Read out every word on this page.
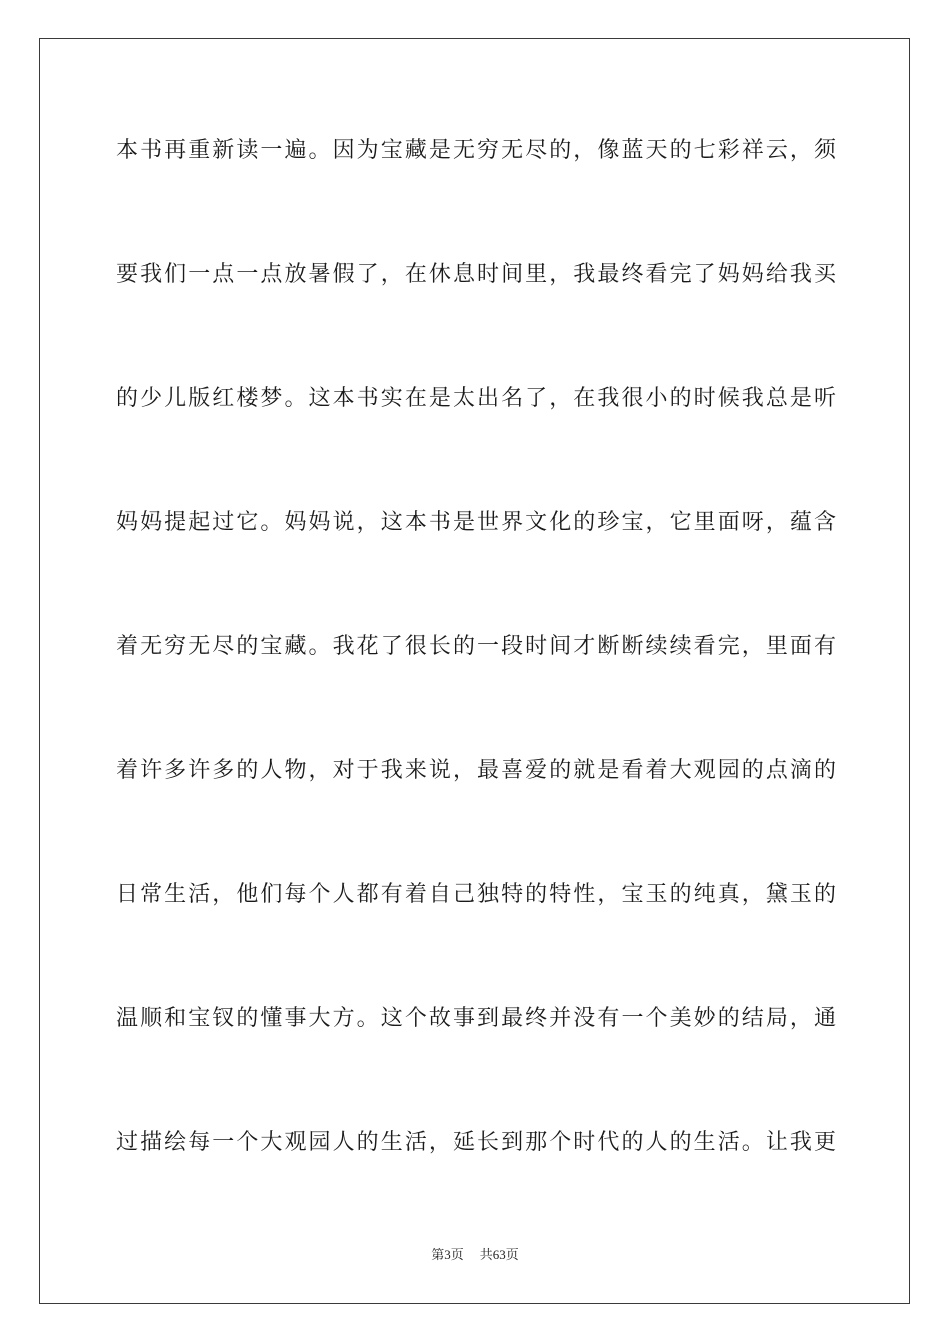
本书再重新读一遍。因为宝藏是无穷无尽的，像蓝天的七彩祥云，须
要我们一点一点放暑假了，在休息时间里，我最终看完了妈妈给我买
的少儿版红楼梦。这本书实在是太出名了，在我很小的时候我总是听
妈妈提起过它。妈妈说，这本书是世界文化的珍宝，它里面呀，蕴含
着无穷无尽的宝藏。我花了很长的一段时间才断断续续看完，里面有
着许多许多的人物，对于我来说，最喜爱的就是看着大观园的点滴的
日常生活，他们每个人都有着自己独特的特性，宝玉的纯真，黛玉的
温顺和宝钗的懂事大方。这个故事到最终并没有一个美妙的结局，通
过描绘每一个大观园人的生活，延长到那个时代的人的生活。让我更
第3页 共63页
